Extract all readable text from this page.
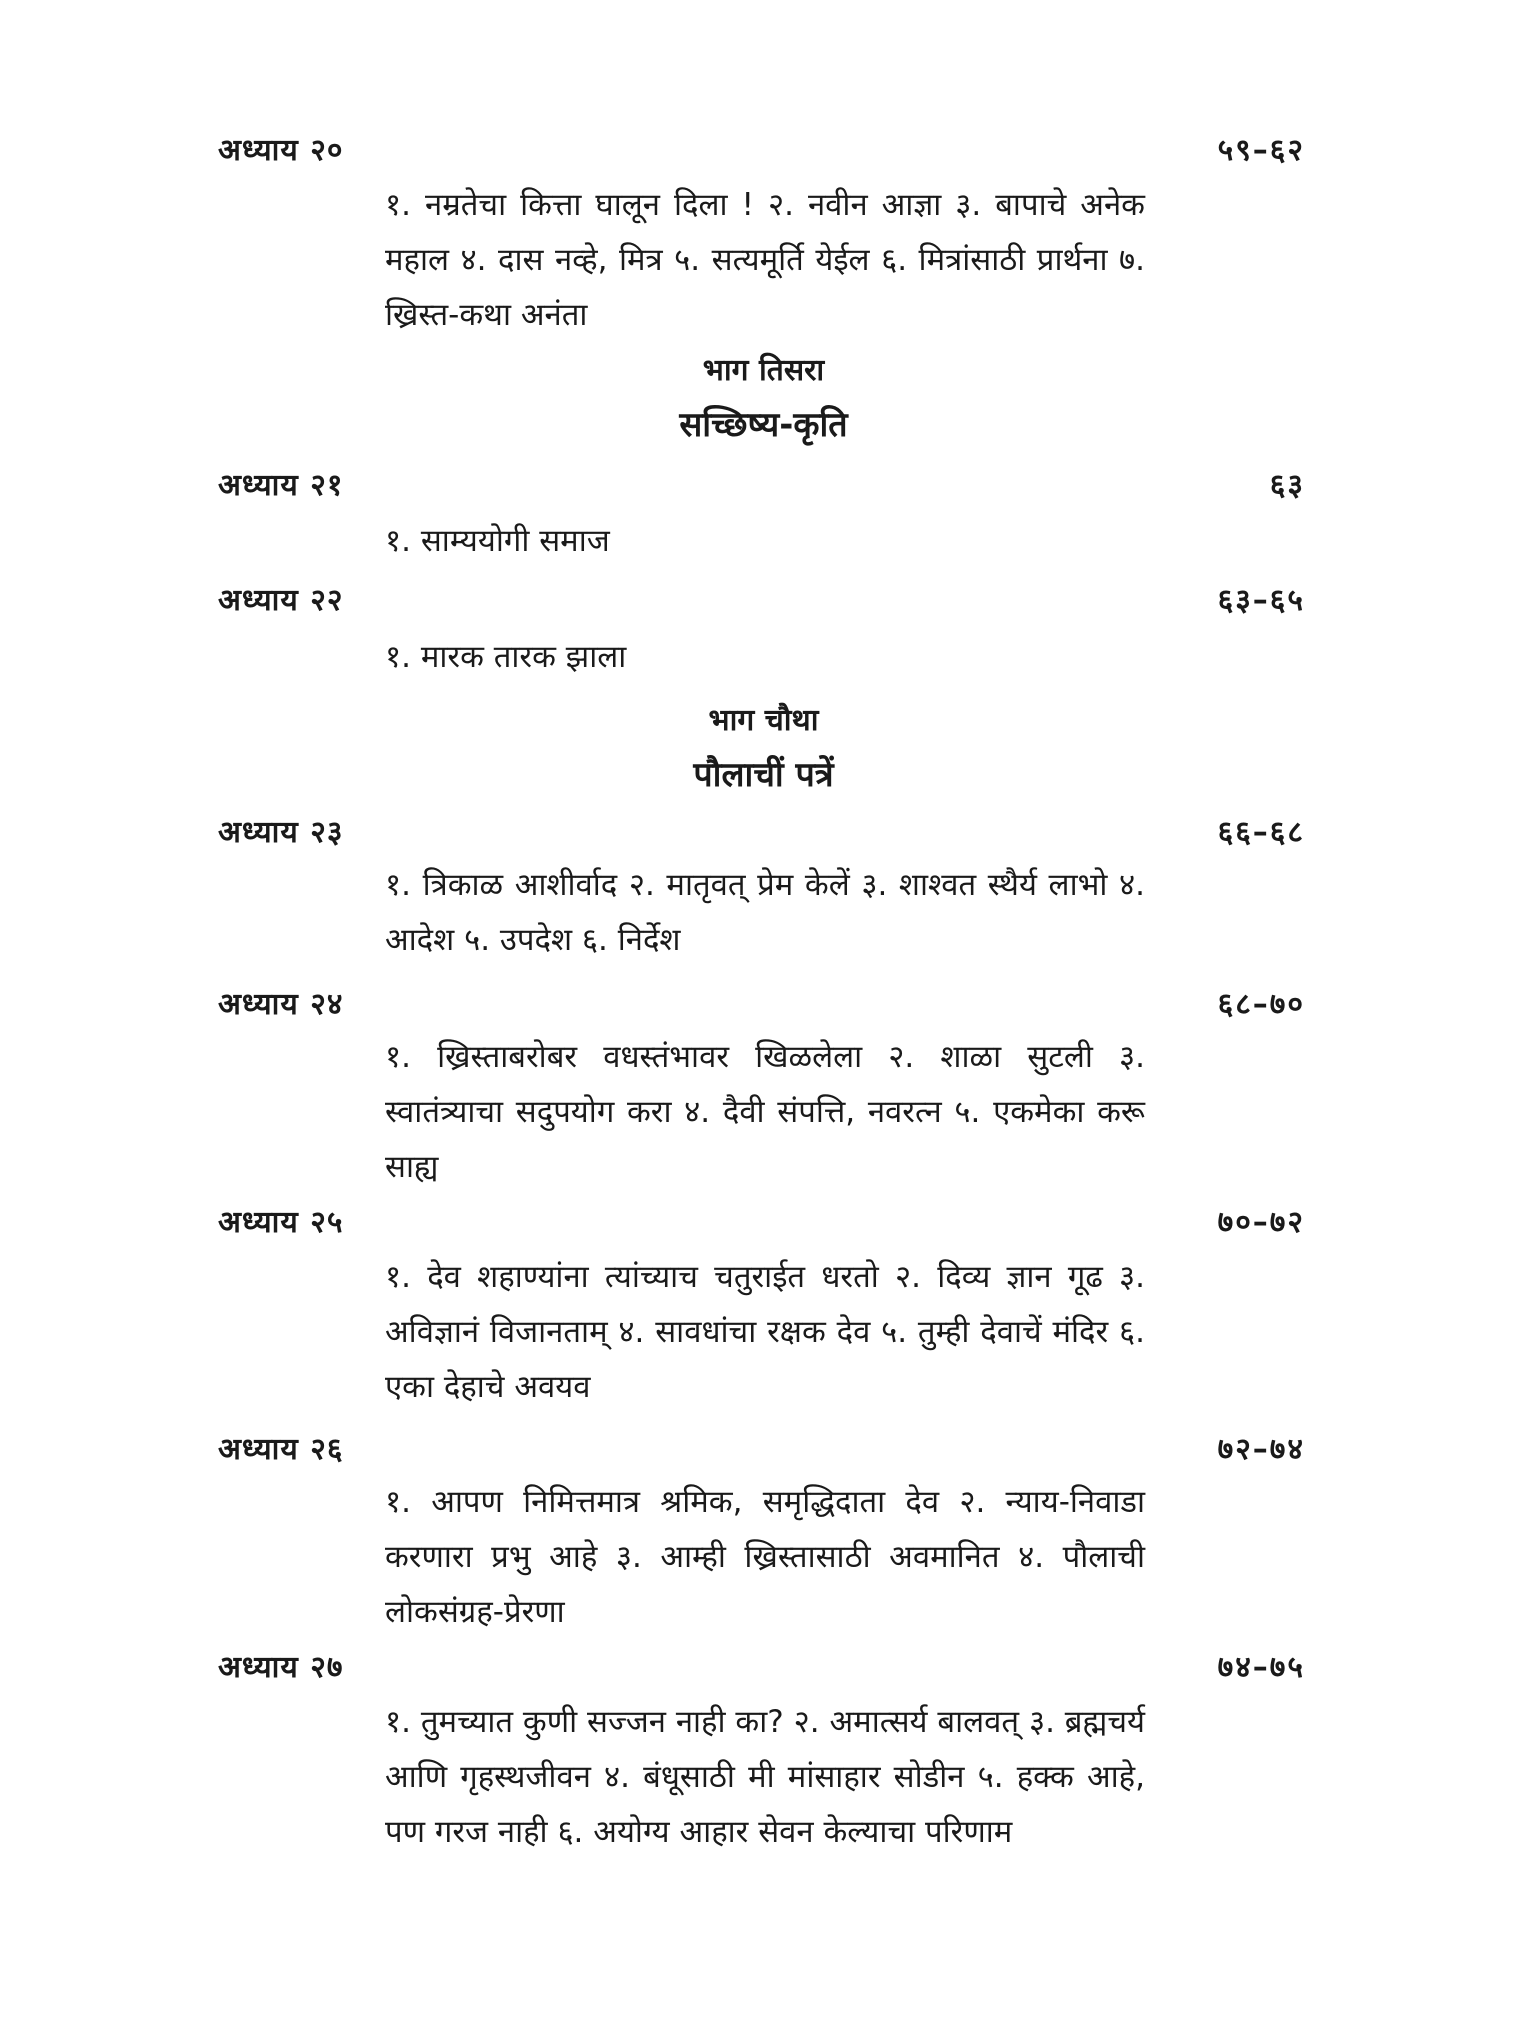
अध्याय २०	५९–६२
१. नम्रतेचा कित्ता घालून दिला ! २. नवीन आज्ञा ३. बापाचे अनेक महाल ४. दास नव्हे, मित्र ५. सत्यमूर्ति येईल ६. मित्रांसाठी प्रार्थना ७. ख्रिस्त-कथा अनंता
भाग तिसरा
सच्छिष्य-कृति
अध्याय २१	६३
१. साम्ययोगी समाज
अध्याय २२	६३–६५
१. मारक तारक झाला
भाग चौथा
पौलाचीं पत्रें
अध्याय २३	६६–६८
१. त्रिकाळ आशीर्वाद २. मातृवत् प्रेम केलें ३. शाश्वत स्थैर्य लाभो ४. आदेश ५. उपदेश ६. निर्देश
अध्याय २४	६८–७०
१. ख्रिस्ताबरोबर वधस्तंभावर खिळलेला २. शाळा सुटली ३. स्वातंत्र्याचा सदुपयोग करा ४. दैवी संपत्ति, नवरत्न ५. एकमेका करू साह्य
अध्याय २५	७०–७२
१. देव शहाण्यांना त्यांच्याच चतुराईत धरतो २. दिव्य ज्ञान गूढ ३. अविज्ञानं विजानताम् ४. सावधांचा रक्षक देव ५. तुम्ही देवाचें मंदिर ६. एका देहाचे अवयव
अध्याय २६	७२–७४
१. आपण निमित्तमात्र श्रमिक, समृद्धिदाता देव २. न्याय-निवाडा करणारा प्रभु आहे ३. आम्ही ख्रिस्तासाठी अवमानित ४. पौलाची लोकसंग्रह-प्रेरणा
अध्याय २७	७४–७५
१. तुमच्यात कुणी सज्जन नाही का? २. अमात्सर्य बालवत् ३. ब्रह्मचर्य आणि गृहस्थजीवन ४. बंधूसाठी मी मांसाहार सोडीन ५. हक्क आहे, पण गरज नाही ६. अयोग्य आहार सेवन केल्याचा परिणाम
